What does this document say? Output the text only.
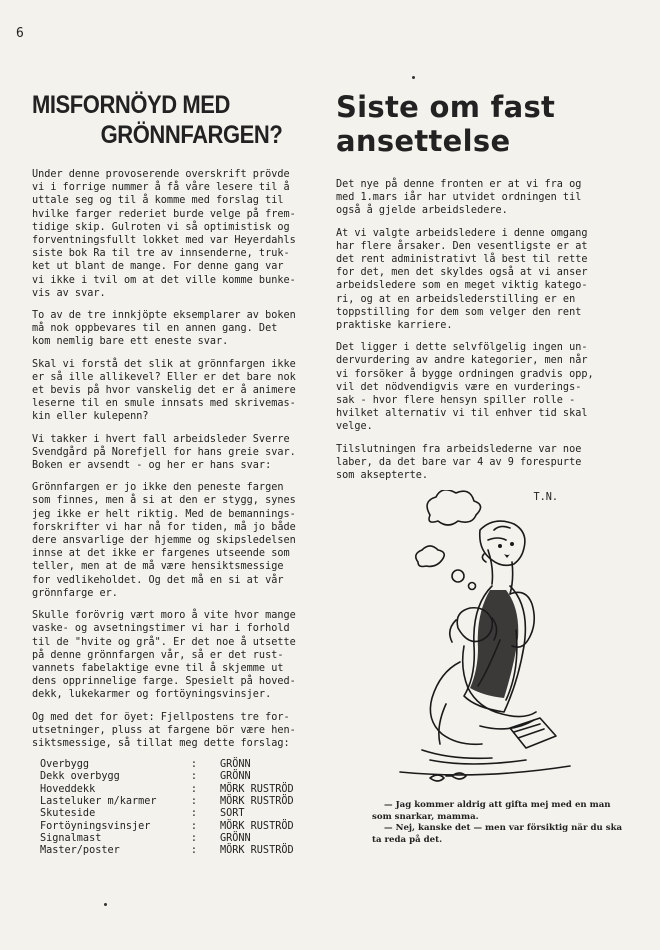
6
MISFORNÖYD MED
GRÖNNFARGEN?

Under denne provoserende overskrift prövde
vi i forrige nummer å få våre lesere til å
uttale seg og til å komme med forslag til
hvilke farger rederiet burde velge på frem-
tidige skip. Gulroten vi så optimistisk og
forventningsfullt lokket med var Heyerdahls
siste bok Ra til tre av innsenderne, truk-
ket ut blant de mange. For denne gang var
vi ikke i tvil om at det ville komme bunke-
vis av svar.

To av de tre innkjöpte eksemplarer av boken
må nok oppbevares til en annen gang. Det
kom nemlig bare ett eneste svar.

Skal vi forstå det slik at grönnfargen ikke
er så ille allikevel? Eller er det bare nok
et bevis på hvor vanskelig det er å animere
leserne til en smule innsats med skrivemas-
kin eller kulepenn?

Vi takker i hvert fall arbeidsleder Sverre
Svendgård på Norefjell for hans greie svar.
Boken er avsendt - og her er hans svar:

Grönnfargen er jo ikke den peneste fargen
som finnes, men å si at den er stygg, synes
jeg ikke er helt riktig. Med de bemannings-
forskrifter vi har nå for tiden, må jo både
dere ansvarlige der hjemme og skipsledelsen
innse at det ikke er fargenes utseende som
teller, men at de må være hensiktsmessige
for vedlikeholdet. Og det må en si at vår
grönnfarge er.

Skulle forövrig vært moro å vite hvor mange
vaske- og avsetningstimer vi har i forhold
til de "hvite og grå". Er det noe å utsette
på denne grönnfargen vår, så er det rust-
vannets fabelaktige evne til å skjemme ut
dens opprinnelige farge. Spesielt på hoved-
dekk, lukekarmer og fortöyningsvinsjer.

Og med det for öyet: Fjellpostens tre for-
utsetninger, pluss at fargene bör være hen-
siktsmessige, så tillat meg dette forslag:

Overbygg	:	GRÖNN
Dekk overbygg	:	GRÖNN
Hoveddekk	:	MÖRK RUSTRÖD
Lasteluker m/karmer	:	MÖRK RUSTRÖD
Skuteside	:	SORT
Fortöyningsvinsjer	:	MÖRK RUSTRÖD
Signalmast	:	GRÖNN
Master/poster	:	MÖRK RUSTRÖD
Siste om fast
ansettelse

Det nye på denne fronten er at vi fra og
med 1.mars iår har utvidet ordningen til
også å gjelde arbeidsledere.

At vi valgte arbeidsledere i denne omgang
har flere årsaker. Den vesentligste er at
det rent administrativt lå best til rette
for det, men det skyldes også at vi anser
arbeidsledere som en meget viktig katego-
ri, og at en arbeidslederstilling er en
toppstilling for dem som velger den rent
praktiske karriere.

Det ligger i dette selvfölgelig ingen un-
dervurdering av andre kategorier, men når
vi forsöker å bygge ordningen gradvis opp,
vil det nödvendigvis være en vurderings-
sak - hvor flere hensyn spiller rolle -
hvilket alternativ vi til enhver tid skal
velge.

Tilslutningen fra arbeidslederne var noe
laber, da det bare var 4 av 9 forespurte
som aksepterte.

T.N.

— Jag kommer aldrig att gifta mej med en man som snarkar, mamma.
— Nej, kanske det — men var försiktig när du ska ta reda på det.
